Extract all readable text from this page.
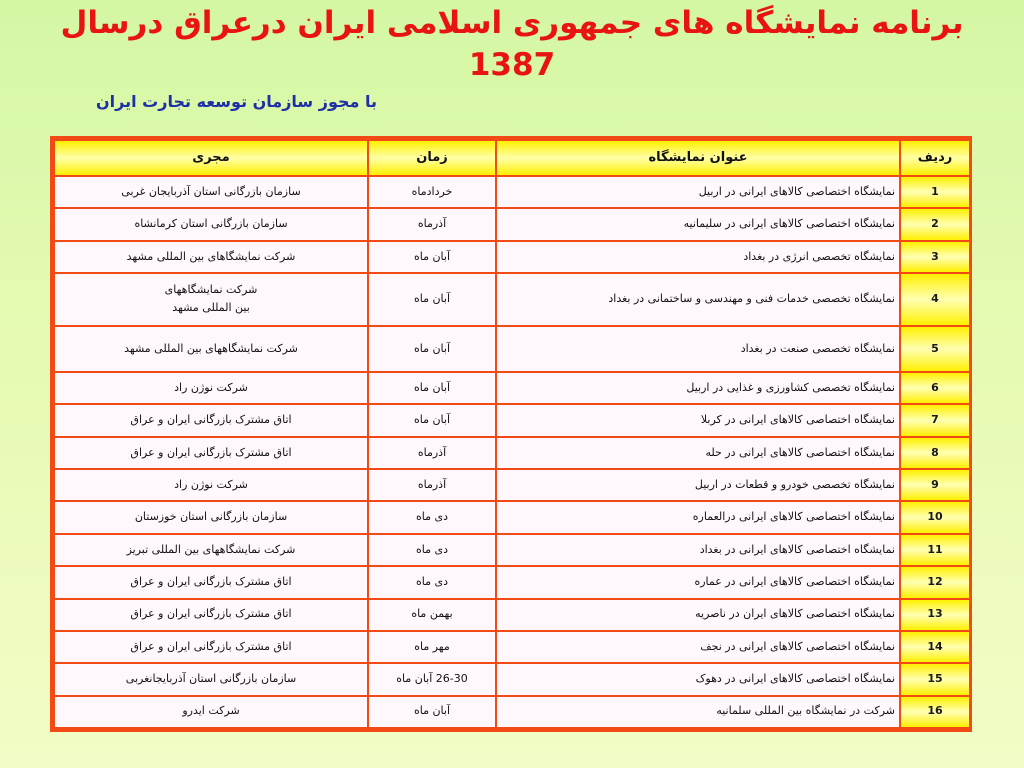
برنامه نمایشگاه های جمهوری اسلامی ایران درعراق درسال
1387
با مجوز سازمان توسعه تجارت ایران
ردیف	عنوان نمایشگاه	زمان	مجری
1	نمایشگاه اختصاصی کالاهای ایرانی در اربیل	خردادماه	سازمان بازرگانی استان آذربایجان غربی

2	نمایشگاه اختصاصی کالاهای ایرانی در سلیمانیه	آذرماه	سازمان بازرگانی استان کرمانشاه

3	نمایشگاه تخصصی انرژی در بغداد	آبان ماه	شرکت نمایشگاهای بین المللی مشهد

4	نمایشگاه تخصصی خدمات فنی و مهندسی و ساختمانی در بغداد	آبان ماه	شرکت نمایشگاههای
بین المللی مشهد

5	نمایشگاه تخصصی صنعت در بغداد	آبان ماه	شرکت نمایشگاههای بین المللی مشهد

6	نمایشگاه تخصصی کشاورزی و غذایی در اربیل	آبان ماه	شرکت نوژن راد

7	نمایشگاه اختصاصی کالاهای ایرانی در کربلا	آبان ماه	اتاق مشترک بازرگانی ایران و عراق

8	نمایشگاه اختصاصی کالاهای ایرانی در حله	آذرماه	اتاق مشترک بازرگانی ایران و عراق

9	نمایشگاه تخصصی خودرو و قطعات در اربیل	آذرماه	شرکت نوژن راد

10	نمایشگاه اختصاصی کالاهای ایرانی درالعماره	دی ماه	سازمان بازرگانی استان خوزستان

11	نمایشگاه اختصاصی کالاهای ایرانی در بغداد	دی ماه	شرکت نمایشگاههای بین المللی تبریز

12	نمایشگاه اختصاصی کالاهای ایرانی در عماره	دی ماه	اتاق مشترک بازرگانی ایران و عراق

13	نمایشگاه اختصاصی کالاهای ایران در ناصریه	بهمن ماه	اتاق مشترک بازرگانی ایران و عراق

14	نمایشگاه اختصاصی کالاهای ایرانی در نجف	مهر ماه	اتاق مشترک بازرگانی ایران و عراق

15	نمایشگاه اختصاصی کالاهای ایرانی در دهوک	26-30 آبان ماه	سازمان بازرگانی استان آذربایجانغربی

16	شرکت در نمایشگاه بین المللی سلمانیه	آبان ماه	شرکت ایدرو
